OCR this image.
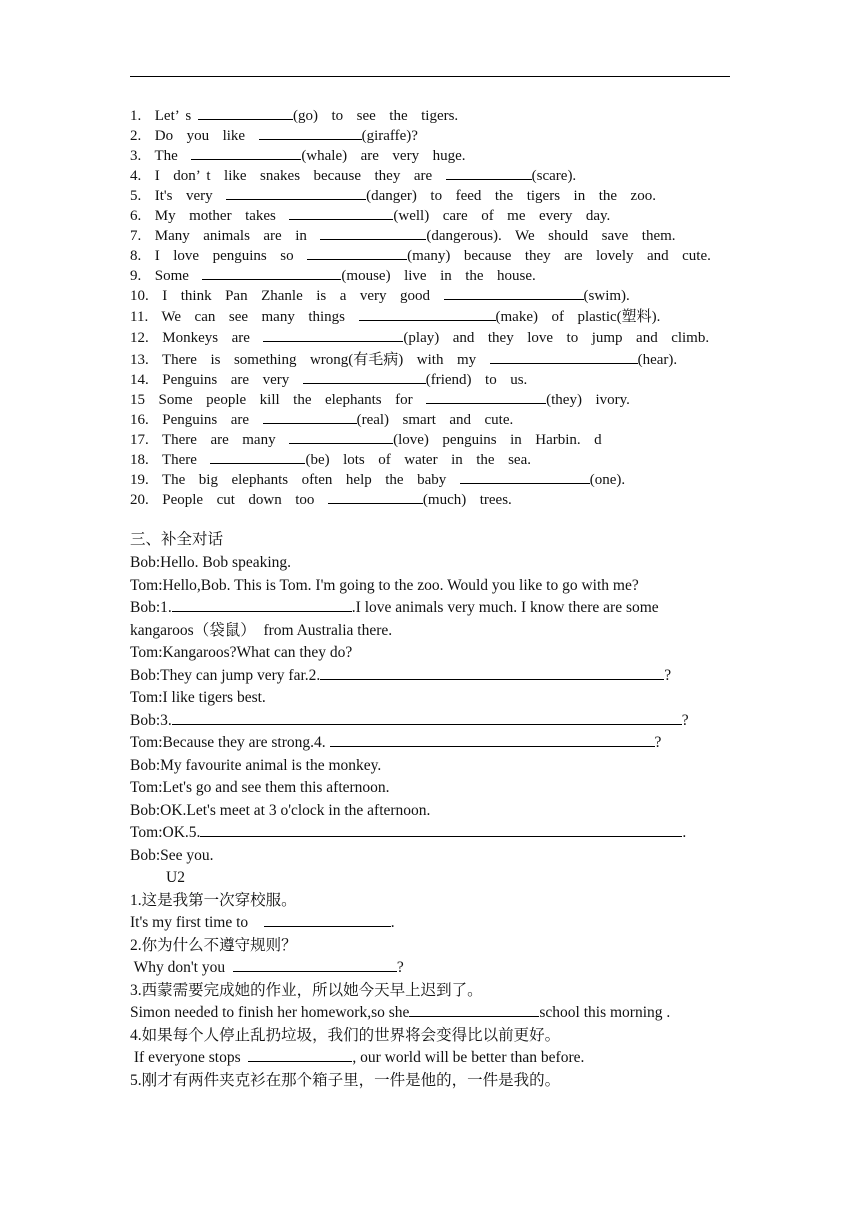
1.  Let’ s	(go)  to  see  the  tigers.
2.  Do  you  like	(giraffe)?
3.  The	(whale)  are  very  huge.
4.  I  don’ t  like  snakes  because  they  are	(scare).
5.  It's  very	(danger)  to  feed  the  tigers  in  the  zoo.
6.  My  mother  takes	(well)  care  of  me  every  day.
7.  Many  animals  are  in	(dangerous).  We  should  save  them.
8.  I  love  penguins  so	(many)  because  they  are  lovely  and  cute.
9.  Some	(mouse)  live  in  the  house.
10.  I  think  Pan  Zhanle  is  a  very  good	(swim).
11.  We  can  see  many  things	(make)  of  plastic(塑料).
12.  Monkeys  are	(play)  and  they  love  to  jump  and  climb.
13.  There  is  something  wrong(有毛病)  with  my	(hear).
14.  Penguins  are  very	(friend)  to  us.
15  Some  people  kill  the  elephants  for	(they)  ivory.
16.  Penguins  are	(real)  smart  and  cute.
17.  There  are  many	(love)  penguins  in  Harbin.  d
18.  There	(be)  lots  of  water  in  the  sea.
19.  The  big  elephants  often  help  the  baby	(one).
20.  People  cut  down  too	(much)  trees.
三、补全对话
Bob:Hello. Bob speaking.
Tom:Hello,Bob. This is Tom. I'm going to the zoo. Would you like to go with me?
Bob:1.	.I love animals very much. I know there are some
kangaroos（袋鼠）  from Australia there.
Tom:Kangaroos?What can they do?
Bob:They can jump very far.2.	?
Tom:I like tigers best.
Bob:3.	?
Tom:Because they are strong.4.	?
Bob:My favourite animal is the monkey.
Tom:Let's go and see them this afternoon.
Bob:OK.Let's meet at 3 o'clock in the afternoon.
Tom:OK.5.	.
Bob:See you.
U2
1.这是我第一次穿校服。
It's my first time to	.
2.你为什么不遵守规则？
Why don't you	?
3.西蒙需要完成她的作业，所以她今天早上迟到了。
Simon needed to finish her homework,so she	school this morning .
4.如果每个人停止乱扔垃圾，我们的世界将会变得比以前更好。
If everyone stops	, our world will be better than before.
5.刚才有两件夹克衫在那个箱子里，一件是他的，一件是我的。
